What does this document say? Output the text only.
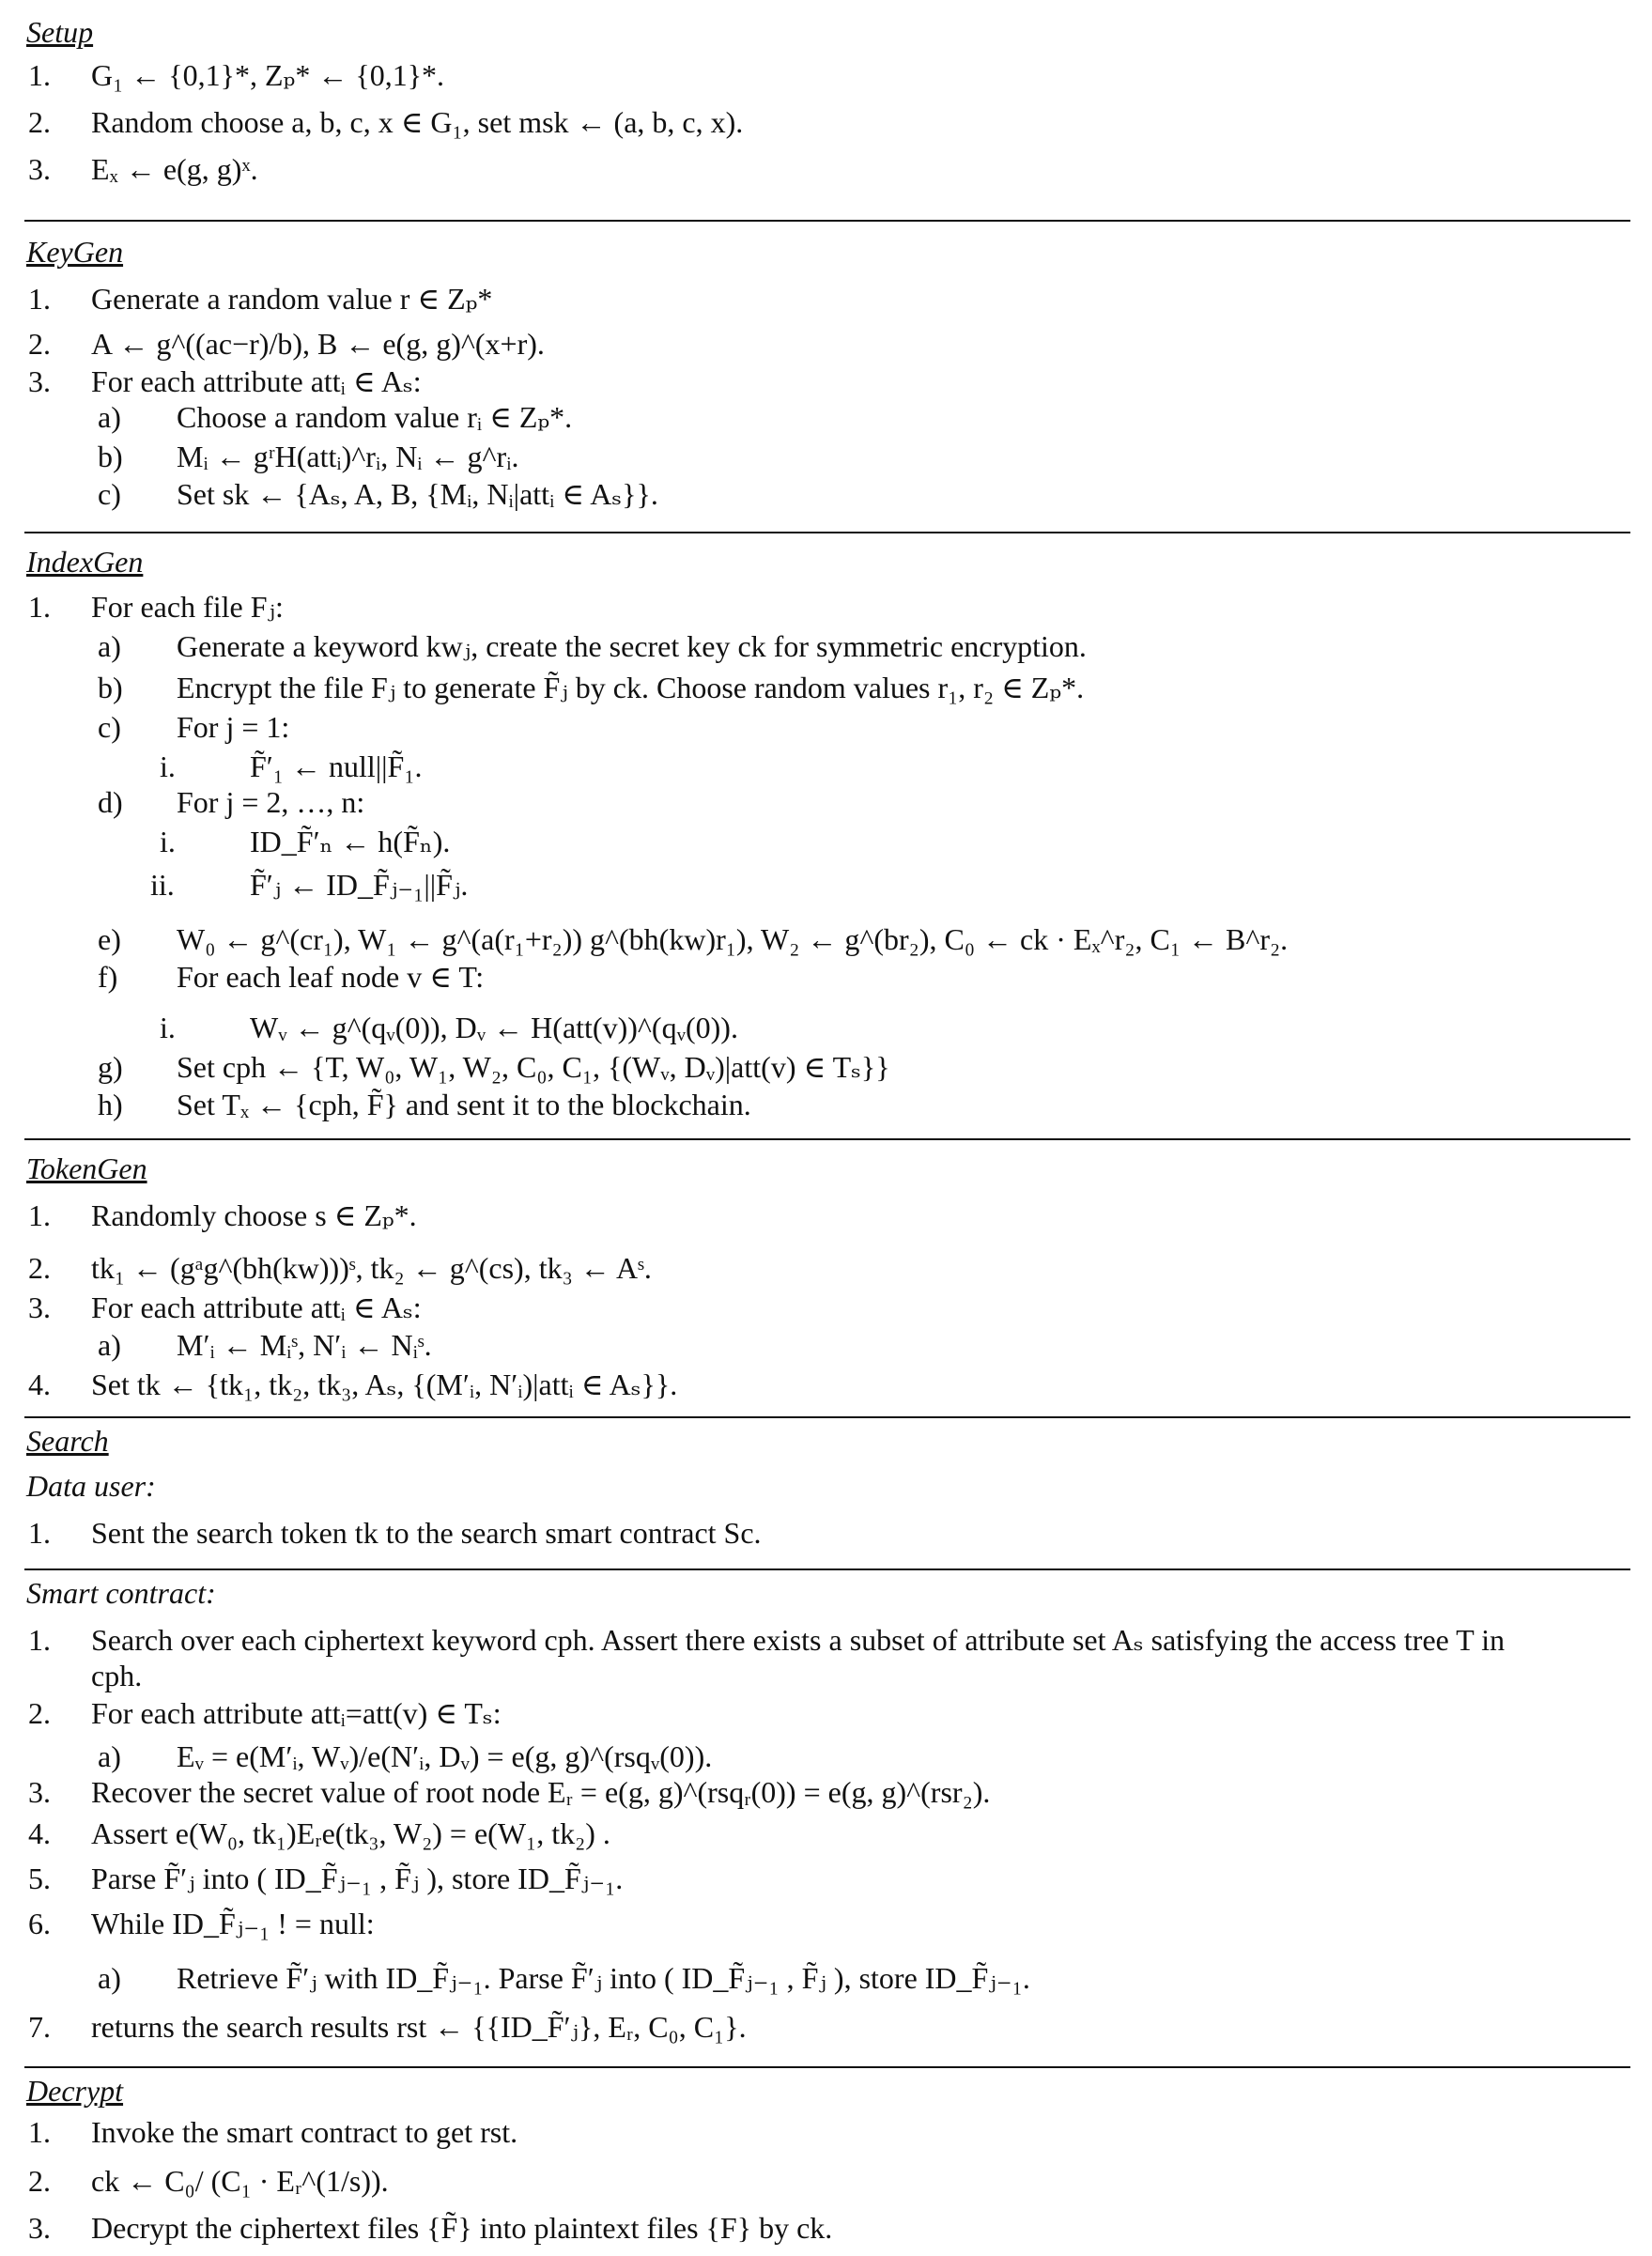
Setup
1. G₁ ← {0,1}*, Zₚ* ← {0,1}*.
2. Random choose a, b, c, x ∈ G₁, set msk ← (a, b, c, x).
3. Eₓ ← e(g, g)ˣ.
KeyGen
1. Generate a random value r ∈ Zₚ*
2. A ← g^((ac−r)/b), B ← e(g, g)^(x+r).
3. For each attribute attᵢ ∈ Aₛ:
a) Choose a random value rᵢ ∈ Zₚ*.
b) Mᵢ ← gʳH(attᵢ)^rᵢ, Nᵢ ← g^rᵢ.
c) Set sk ← {Aₛ, A, B, {Mᵢ, Nᵢ|attᵢ ∈ Aₛ}}.
IndexGen
1. For each file Fⱼ:
a) Generate a keyword kwⱼ, create the secret key ck for symmetric encryption.
b) Encrypt the file Fⱼ to generate F̃ⱼ by ck. Choose random values r₁, r₂ ∈ Zₚ*.
c) For j = 1:
i. F̃′₁ ← null||F̃₁.
d) For j = 2, …, n:
i. ID_F̃′ₙ ← h(F̃ₙ).
ii.	F̃′ⱼ ← ID_F̃ⱼ₋₁||F̃ⱼ.
e) W₀ ← g^(cr₁), W₁ ← g^(a(r₁+r₂)) g^(bh(kw)r₁), W₂ ← g^(br₂), C₀ ← ck · Eₓ^r₂, C₁ ← B^r₂.
f) For each leaf node v ∈ T:
i. Wᵥ ← g^(qᵥ(0)), Dᵥ ← H(att(v))^(qᵥ(0)).
g) Set cph ← {T, W₀, W₁, W₂, C₀, C₁, {(Wᵥ, Dᵥ)|att(v) ∈ Tₛ}}
h) Set Tₓ ← {cph, F̃} and sent it to the blockchain.
TokenGen
1. Randomly choose s ∈ Zₚ*.
2. tk₁ ← (gᵃg^(bh(kw)))ˢ, tk₂ ← g^(cs), tk₃ ← Aˢ.
3. For each attribute attᵢ ∈ Aₛ:
a) M′ᵢ ← Mᵢˢ, N′ᵢ ← Nᵢˢ.
4. Set tk ← {tk₁, tk₂, tk₃, Aₛ, {(M′ᵢ, N′ᵢ)|attᵢ ∈ Aₛ}}.
Search
Data user:
1. Sent the search token tk to the search smart contract Sc.
Smart contract:
1. Search over each ciphertext keyword cph. Assert there exists a subset of attribute set Aₛ satisfying the access tree T in
cph.
2. For each attribute attᵢ=att(v) ∈ Tₛ:
a) Eᵥ = e(M′ᵢ, Wᵥ)/e(N′ᵢ, Dᵥ) = e(g, g)^(rsqᵥ(0)).
3. Recover the secret value of root node Eᵣ = e(g, g)^(rsqᵣ(0)) = e(g, g)^(rsr₂).
4. Assert e(W₀, tk₁)Eᵣe(tk₃, W₂) = e(W₁, tk₂) .
5. Parse F̃′ⱼ into ( ID_F̃ⱼ₋₁ , F̃ⱼ ), store ID_F̃ⱼ₋₁.
6. While ID_F̃ⱼ₋₁ ! = null:
a) Retrieve F̃′ⱼ with ID_F̃ⱼ₋₁. Parse F̃′ⱼ into ( ID_F̃ⱼ₋₁ , F̃ⱼ ), store ID_F̃ⱼ₋₁.
7. returns the search results rst ← {{ID_F̃′ⱼ}, Eᵣ, C₀, C₁}.
Decrypt
1. Invoke the smart contract to get rst.
2. ck ← C₀/ (C₁ · Eᵣ^(1/s)).
3. Decrypt the ciphertext files {F̃} into plaintext files {F} by ck.
